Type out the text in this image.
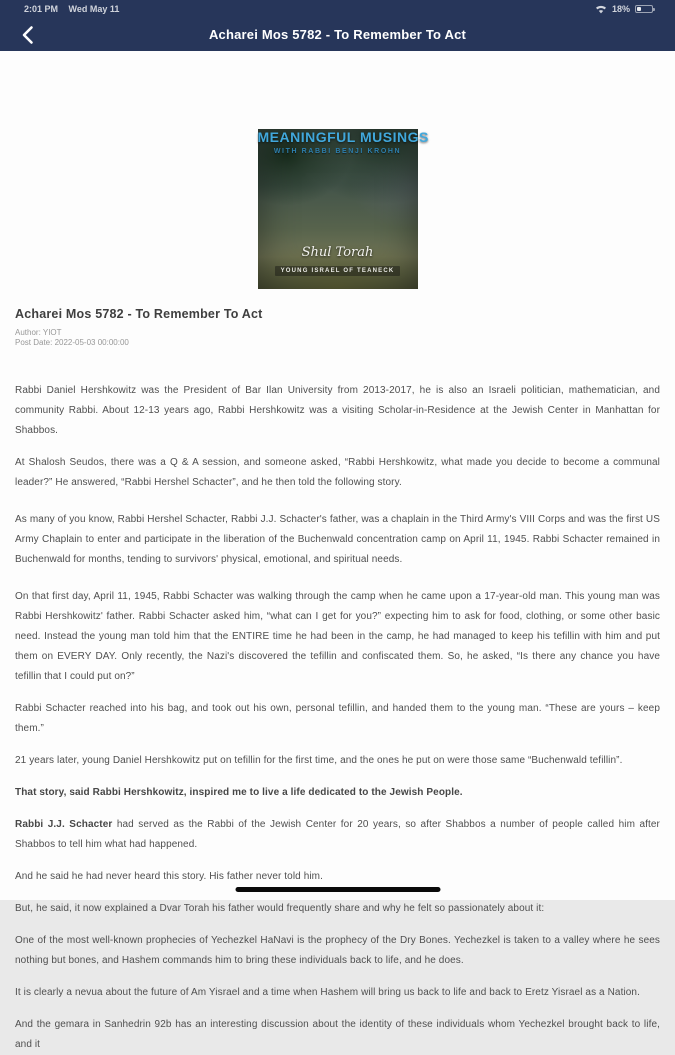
2:01 PM Wed May 11	18%
Acharei Mos 5782 - To Remember To Act
MEANINGFUL MUSINGS
WITH RABBI BENJI KROHN
Shul Torah
YOUNG ISRAEL OF TEANECK
Acharei Mos 5782 - To Remember To Act
Author: YIOT
Post Date: 2022-05-03 00:00:00

Rabbi Daniel Hershkowitz was the President of Bar Ilan University from 2013-2017, he is also an Israeli politician, mathematician, and community Rabbi. About 12-13 years ago, Rabbi Hershkowitz was a visiting Scholar-in-Residence at the Jewish Center in Manhattan for Shabbos.

At Shalosh Seudos, there was a Q & A session, and someone asked, “Rabbi Hershkowitz, what made you decide to become a communal leader?” He answered, “Rabbi Hershel Schacter”, and he then told the following story.

As many of you know, Rabbi Hershel Schacter, Rabbi J.J. Schacter's father, was a chaplain in the Third Army's VIII Corps and was the first US Army Chaplain to enter and participate in the liberation of the Buchenwald concentration camp on April 11, 1945. Rabbi Schacter remained in Buchenwald for months, tending to survivors' physical, emotional, and spiritual needs.

On that first day, April 11, 1945, Rabbi Schacter was walking through the camp when he came upon a 17-year-old man. This young man was Rabbi Hershkowitz' father. Rabbi Schacter asked him, “what can I get for you?” expecting him to ask for food, clothing, or some other basic need. Instead the young man told him that the ENTIRE time he had been in the camp, he had managed to keep his tefillin with him and put them on EVERY DAY. Only recently, the Nazi's discovered the tefillin and confiscated them. So, he asked, “Is there any chance you have tefillin that I could put on?”

Rabbi Schacter reached into his bag, and took out his own, personal tefillin, and handed them to the young man. “These are yours – keep them.”

21 years later, young Daniel Hershkowitz put on tefillin for the first time, and the ones he put on were those same “Buchenwald tefillin”.

That story, said Rabbi Hershkowitz, inspired me to live a life dedicated to the Jewish People.

Rabbi J.J. Schacter had served as the Rabbi of the Jewish Center for 20 years, so after Shabbos a number of people called him after Shabbos to tell him what had happened.

And he said he had never heard this story. His father never told him.

But, he said, it now explained a Dvar Torah his father would frequently share and why he felt so passionately about it:

One of the most well-known prophecies of Yechezkel HaNavi is the prophecy of the Dry Bones. Yechezkel is taken to a valley where he sees nothing but bones, and Hashem commands him to bring these individuals back to life, and he does.

It is clearly a nevua about the future of Am Yisrael and a time when Hashem will bring us back to life and back to Eretz Yisrael as a Nation.

And the gemara in Sanhedrin 92b has an interesting discussion about the identity of these individuals whom Yechezkel brought back to life, and it
